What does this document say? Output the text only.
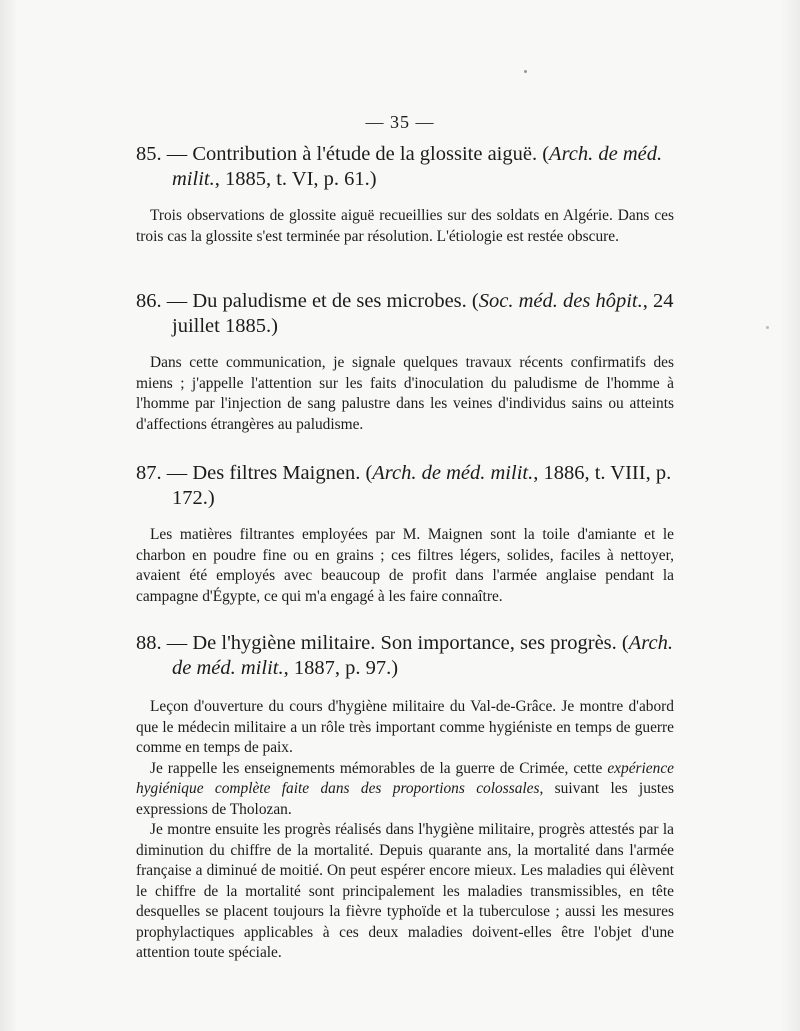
— 35 —

85. — Contribution à l'étude de la glossite aiguë. (Arch. de méd. milit., 1885, t. VI, p. 61.)

Trois observations de glossite aiguë recueillies sur des soldats en Algérie. Dans ces trois cas la glossite s'est terminée par résolution. L'étiologie est restée obscure.

86. — Du paludisme et de ses microbes. (Soc. méd. des hôpit., 24 juillet 1885.)

Dans cette communication, je signale quelques travaux récents confirmatifs des miens ; j'appelle l'attention sur les faits d'inoculation du paludisme de l'homme à l'homme par l'injection de sang palustre dans les veines d'individus sains ou atteints d'affections étrangères au paludisme.

87. — Des filtres Maignen. (Arch. de méd. milit., 1886, t. VIII, p. 172.)

Les matières filtrantes employées par M. Maignen sont la toile d'amiante et le charbon en poudre fine ou en grains ; ces filtres légers, solides, faciles à nettoyer, avaient été employés avec beaucoup de profit dans l'armée anglaise pendant la campagne d'Égypte, ce qui m'a engagé à les faire connaître.

88. — De l'hygiène militaire. Son importance, ses progrès. (Arch. de méd. milit., 1887, p. 97.)

Leçon d'ouverture du cours d'hygiène militaire du Val-de-Grâce. Je montre d'abord que le médecin militaire a un rôle très important comme hygiéniste en temps de guerre comme en temps de paix.

Je rappelle les enseignements mémorables de la guerre de Crimée, cette expérience hygiénique complète faite dans des proportions colossales, suivant les justes expressions de Tholozan.

Je montre ensuite les progrès réalisés dans l'hygiène militaire, progrès attestés par la diminution du chiffre de la mortalité. Depuis quarante ans, la mortalité dans l'armée française a diminué de moitié. On peut espérer encore mieux. Les maladies qui élèvent le chiffre de la mortalité sont principalement les maladies transmissibles, en tête desquelles se placent toujours la fièvre typhoïde et la tuberculose ; aussi les mesures prophylactiques applicables à ces deux maladies doivent-elles être l'objet d'une attention toute spéciale.
